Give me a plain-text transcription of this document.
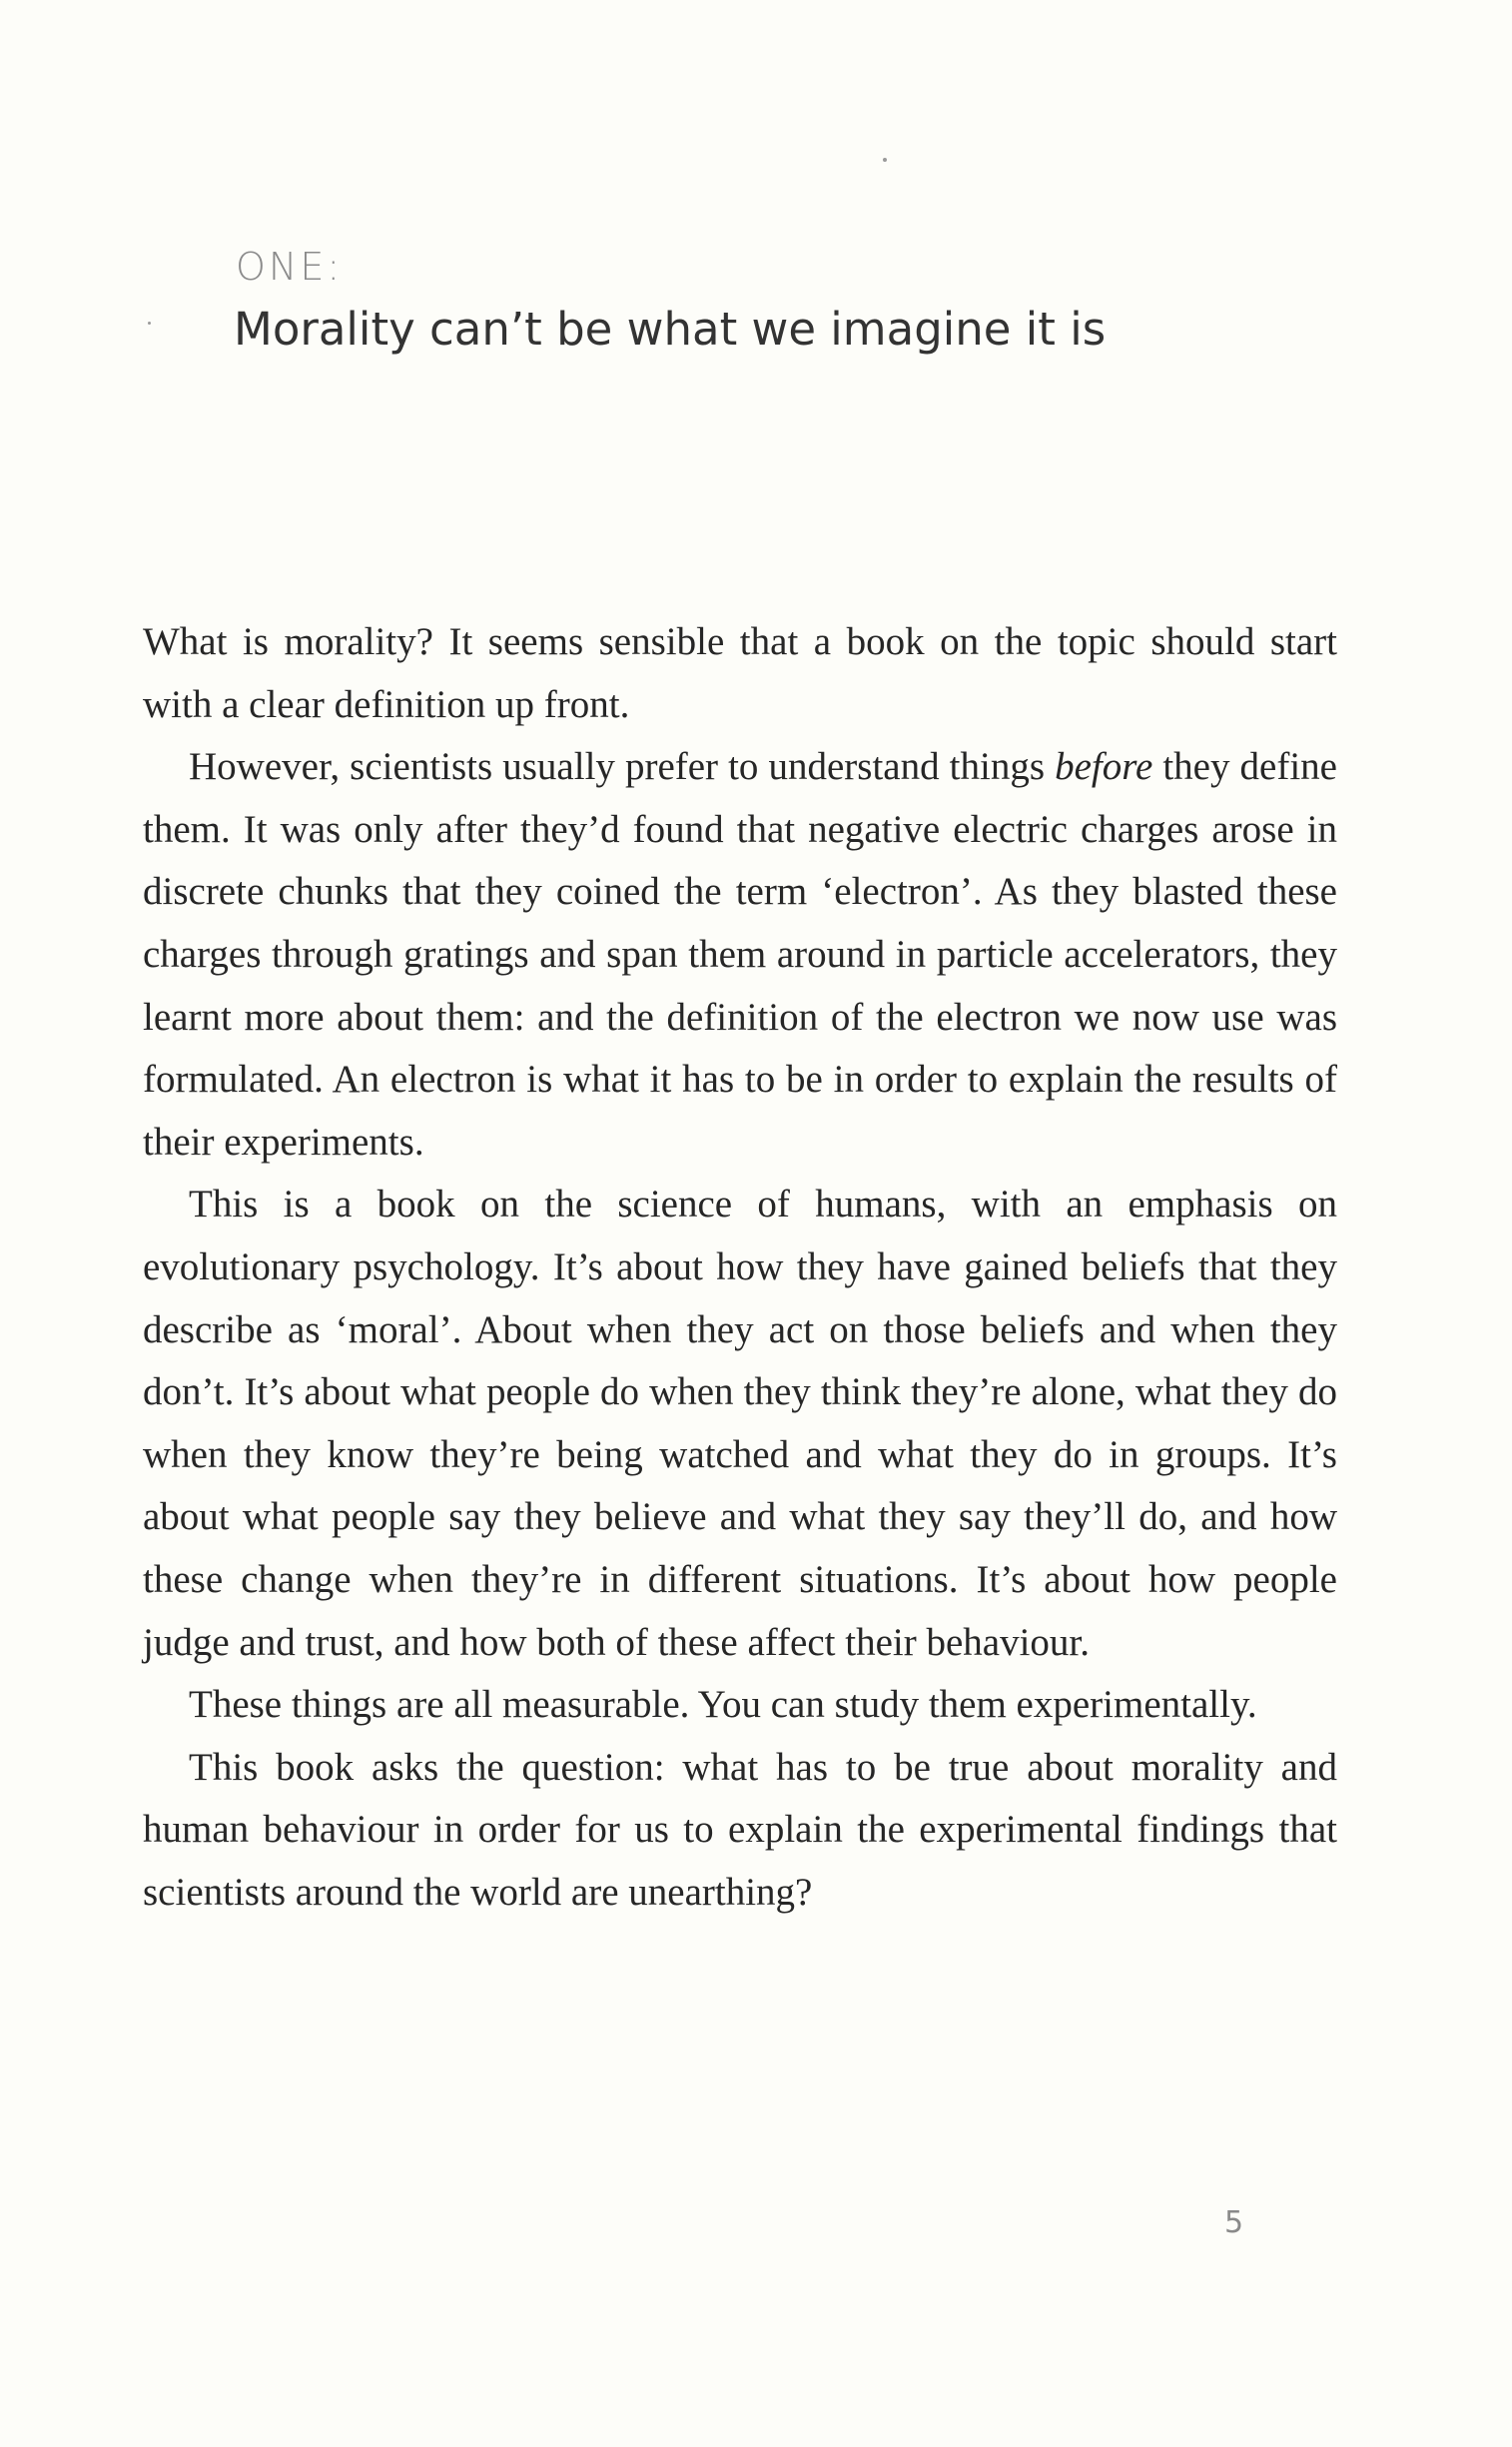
ONE:
Morality can’t be what we imagine it is

What is morality? It seems sensible that a book on the topic should start with a clear definition up front.

However, scientists usually prefer to understand things before they define them. It was only after they’d found that negative electric charges arose in discrete chunks that they coined the term ‘electron’. As they blasted these charges through gratings and span them around in particle accelerators, they learnt more about them: and the definition of the electron we now use was formulated. An electron is what it has to be in order to explain the results of their experiments.

This is a book on the science of humans, with an emphasis on evolutionary psychology. It’s about how they have gained beliefs that they describe as ‘moral’. About when they act on those beliefs and when they don’t. It’s about what people do when they think they’re alone, what they do when they know they’re being watched and what they do in groups. It’s about what people say they believe and what they say they’ll do, and how these change when they’re in different situations. It’s about how people judge and trust, and how both of these affect their behaviour.

These things are all measurable. You can study them experimentally.

This book asks the question: what has to be true about morality and human behaviour in order for us to explain the experimental findings that scientists around the world are unearthing?

5
